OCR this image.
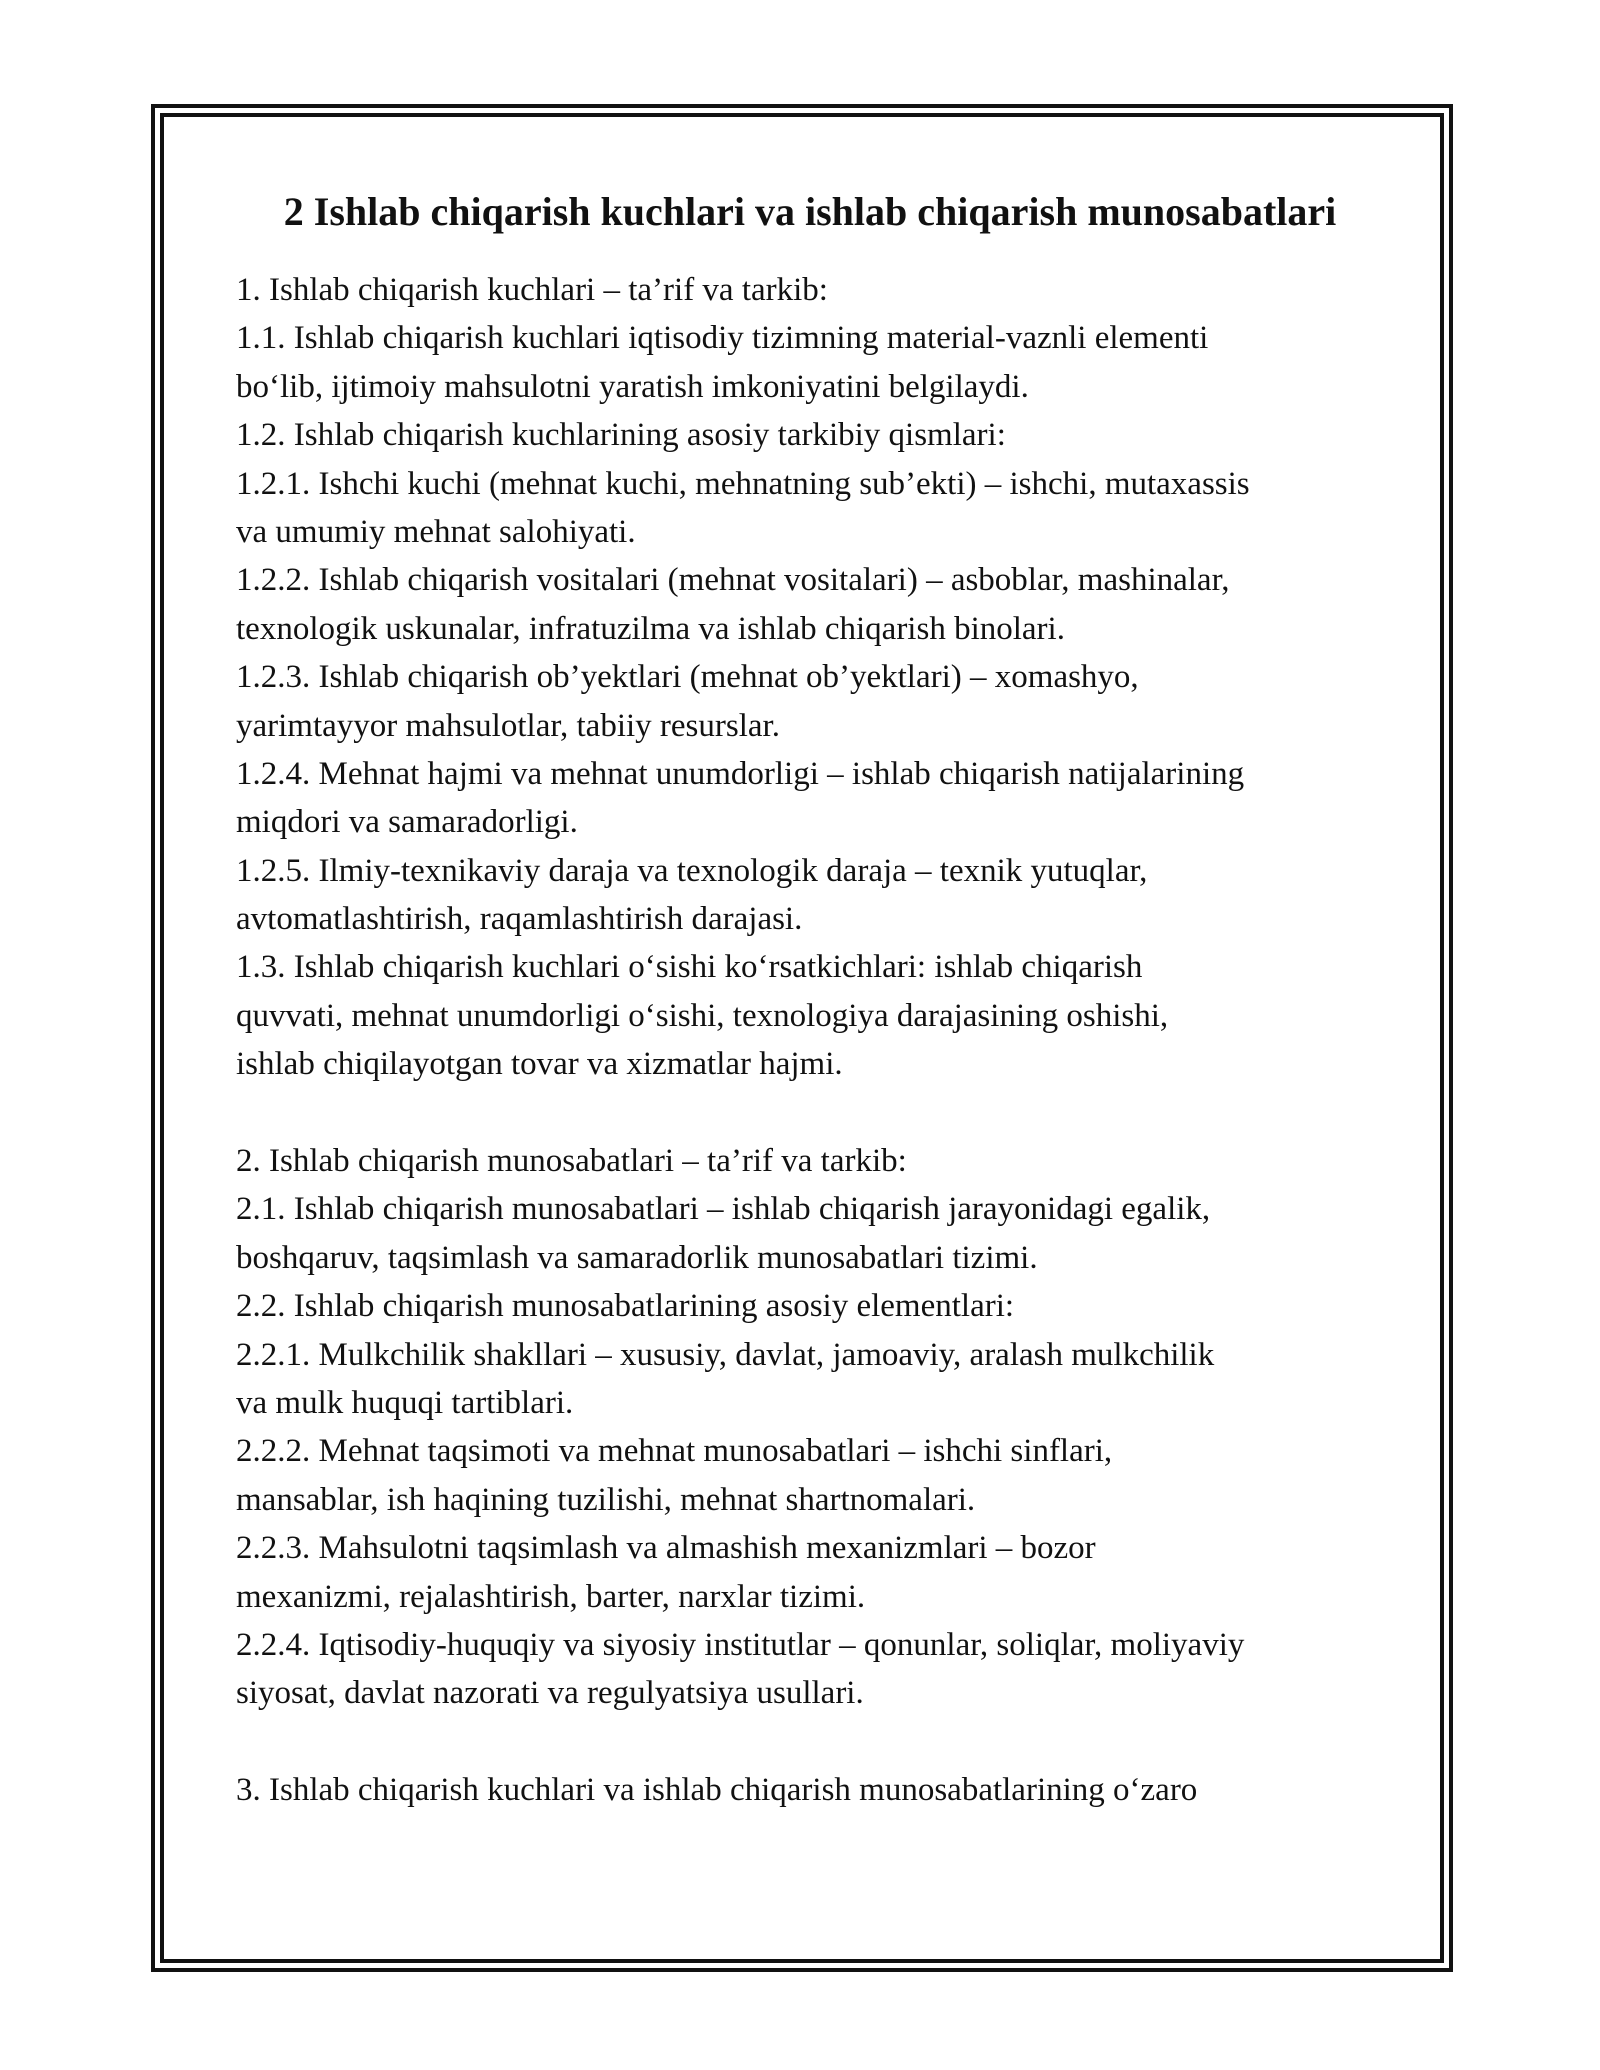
2 Ishlab chiqarish kuchlari va ishlab chiqarish munosabatlari
1. Ishlab chiqarish kuchlari – ta’rif va tarkib:
1.1. Ishlab chiqarish kuchlari iqtisodiy tizimning material-vaznli elementi
bo‘lib, ijtimoiy mahsulotni yaratish imkoniyatini belgilaydi.
1.2. Ishlab chiqarish kuchlarining asosiy tarkibiy qismlari:
1.2.1. Ishchi kuchi (mehnat kuchi, mehnatning sub’ekti) – ishchi, mutaxassis
va umumiy mehnat salohiyati.
1.2.2. Ishlab chiqarish vositalari (mehnat vositalari) – asboblar, mashinalar,
texnologik uskunalar, infratuzilma va ishlab chiqarish binolari.
1.2.3. Ishlab chiqarish ob’yektlari (mehnat ob’yektlari) – xomashyo,
yarimtayyor mahsulotlar, tabiiy resurslar.
1.2.4. Mehnat hajmi va mehnat unumdorligi – ishlab chiqarish natijalarining
miqdori va samaradorligi.
1.2.5. Ilmiy-texnikaviy daraja va texnologik daraja – texnik yutuqlar,
avtomatlashtirish, raqamlashtirish darajasi.
1.3. Ishlab chiqarish kuchlari o‘sishi ko‘rsatkichlari: ishlab chiqarish
quvvati, mehnat unumdorligi o‘sishi, texnologiya darajasining oshishi,
ishlab chiqilayotgan tovar va xizmatlar hajmi.
2. Ishlab chiqarish munosabatlari – ta’rif va tarkib:
2.1. Ishlab chiqarish munosabatlari – ishlab chiqarish jarayonidagi egalik,
boshqaruv, taqsimlash va samaradorlik munosabatlari tizimi.
2.2. Ishlab chiqarish munosabatlarining asosiy elementlari:
2.2.1. Mulkchilik shakllari – xususiy, davlat, jamoaviy, aralash mulkchilik
va mulk huquqi tartiblari.
2.2.2. Mehnat taqsimoti va mehnat munosabatlari – ishchi sinflari,
mansablar, ish haqining tuzilishi, mehnat shartnomalari.
2.2.3. Mahsulotni taqsimlash va almashish mexanizmlari – bozor
mexanizmi, rejalashtirish, barter, narxlar tizimi.
2.2.4. Iqtisodiy-huquqiy va siyosiy institutlar – qonunlar, soliqlar, moliyaviy
siyosat, davlat nazorati va regulyatsiya usullari.
3. Ishlab chiqarish kuchlari va ishlab chiqarish munosabatlarining o‘zaro
